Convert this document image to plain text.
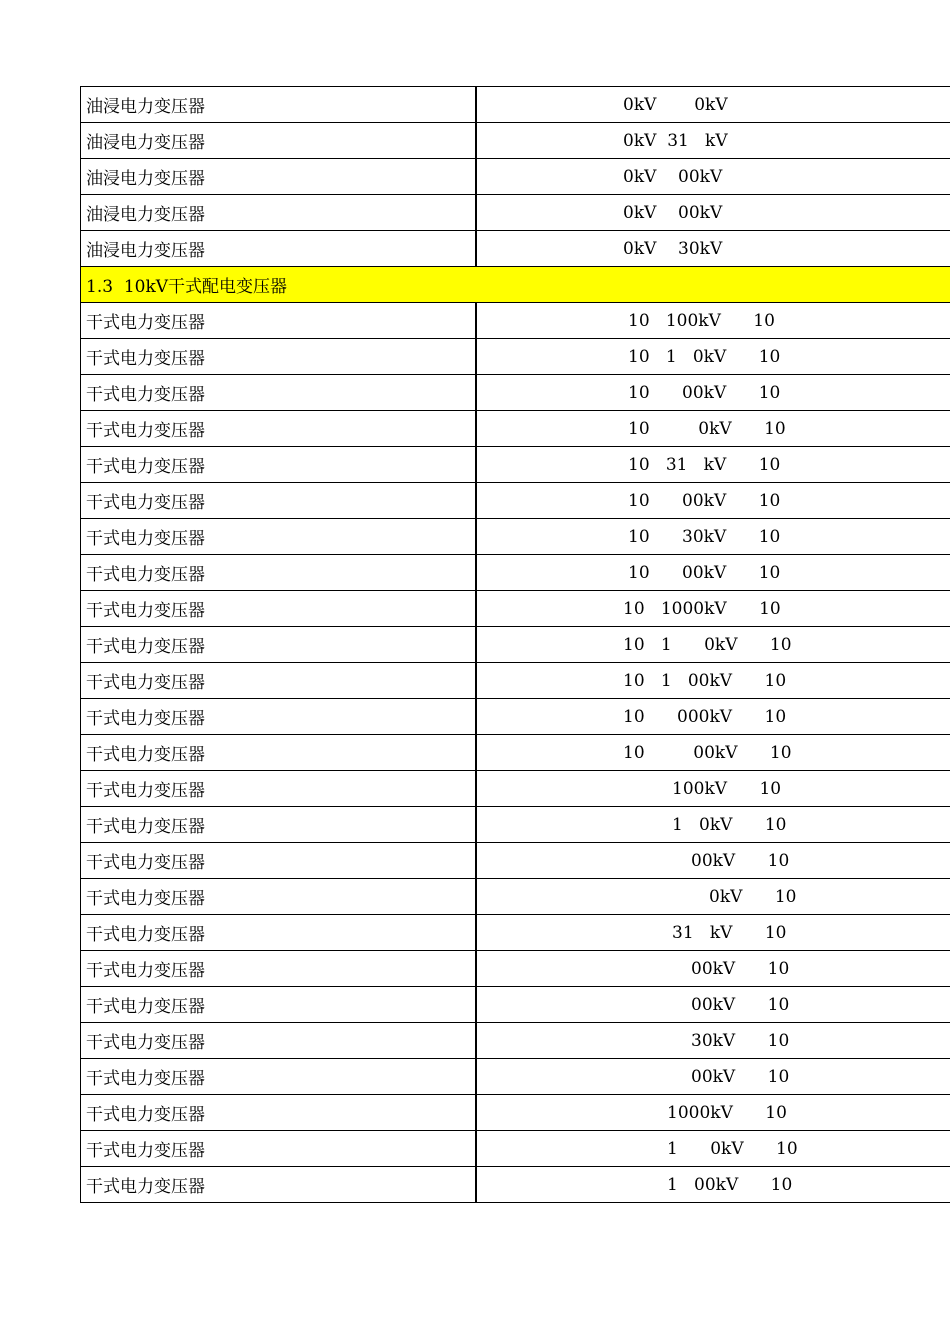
油浸电力变压器	0kV       0kV
油浸电力变压器	0kV  31   kV
油浸电力变压器	0kV    00kV
油浸电力变压器	0kV    00kV
油浸电力变压器	0kV    30kV
1.3  10kV干式配电变压器	
干式电力变压器	10   100kV      10
干式电力变压器	10   1   0kV      10
干式电力变压器	10      00kV      10
干式电力变压器	10         0kV      10
干式电力变压器	10   31   kV      10
干式电力变压器	10      00kV      10
干式电力变压器	10      30kV      10
干式电力变压器	10      00kV      10
干式电力变压器	10   1000kV      10
干式电力变压器	10   1      0kV      10
干式电力变压器	10   1   00kV      10
干式电力变压器	10      000kV      10
干式电力变压器	10         00kV      10
干式电力变压器	100kV      10
干式电力变压器	1   0kV      10
干式电力变压器	00kV      10
干式电力变压器	0kV      10
干式电力变压器	31   kV      10
干式电力变压器	00kV      10
干式电力变压器	00kV      10
干式电力变压器	30kV      10
干式电力变压器	00kV      10
干式电力变压器	1000kV      10
干式电力变压器	1      0kV      10
干式电力变压器	1   00kV      10
